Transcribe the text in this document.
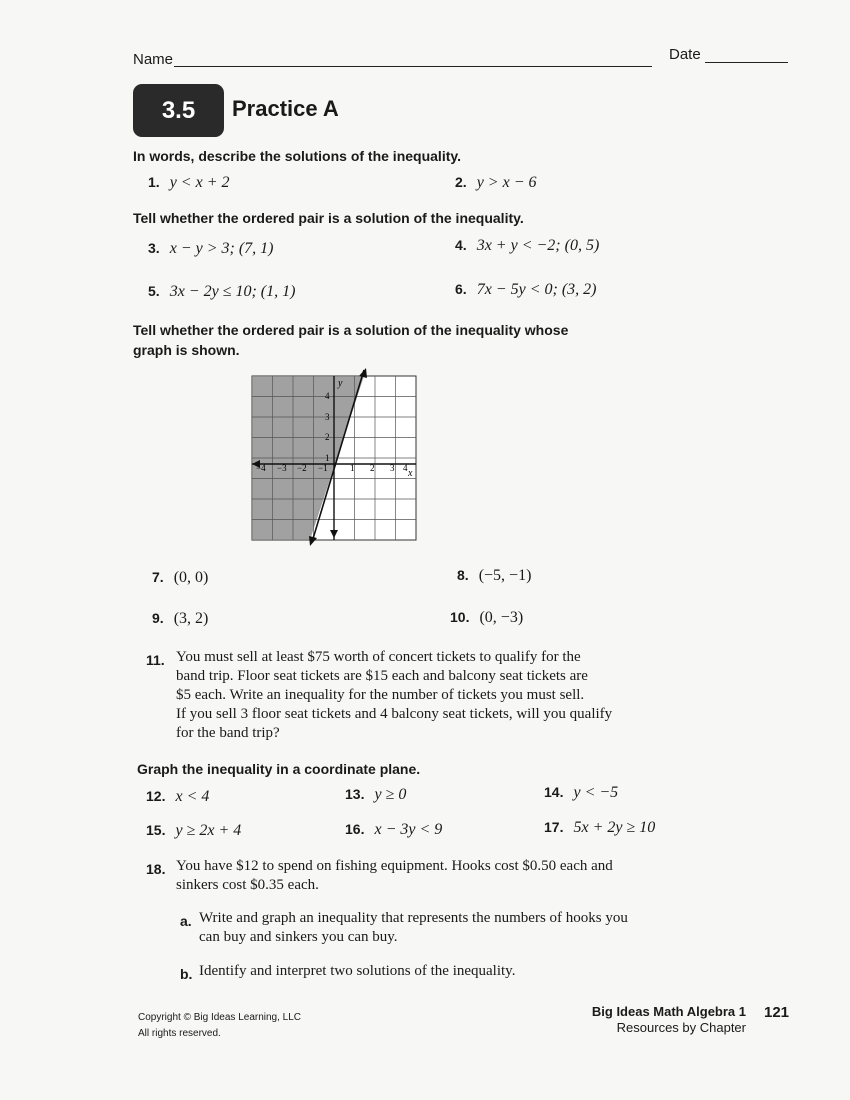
Name	Date
3.5	Practice A
In words, describe the solutions of the inequality.
1. y < x + 2	2. y > x − 6
Tell whether the ordered pair is a solution of the inequality.
3. x − y > 3; (7, 1)	4. 3x + y < −2; (0, 5)
5. 3x − 2y ≤ 10; (1, 1)	6. 7x − 5y < 0; (3, 2)
Tell whether the ordered pair is a solution of the inequality whose
graph is shown.
x
y
−4 −3 −2 −1 1 2 3 4
4
3
2
1
7. (0, 0)	8. (−5, −1)
9. (3, 2)	10. (0, −3)
11. You must sell at least $75 worth of concert tickets to qualify for the
band trip. Floor seat tickets are $15 each and balcony seat tickets are
$5 each. Write an inequality for the number of tickets you must sell.
If you sell 3 floor seat tickets and 4 balcony seat tickets, will you qualify
for the band trip?
Graph the inequality in a coordinate plane.
12. x < 4	13. y ≥ 0	14. y < −5
15. y ≥ 2x + 4	16. x − 3y < 9	17. 5x + 2y ≥ 10
18. You have $12 to spend on fishing equipment. Hooks cost $0.50 each and
sinkers cost $0.35 each.
a. Write and graph an inequality that represents the numbers of hooks you
can buy and sinkers you can buy.
b. Identify and interpret two solutions of the inequality.
Copyright © Big Ideas Learning, LLC
All rights reserved.
Big Ideas Math Algebra 1
Resources by Chapter
121
